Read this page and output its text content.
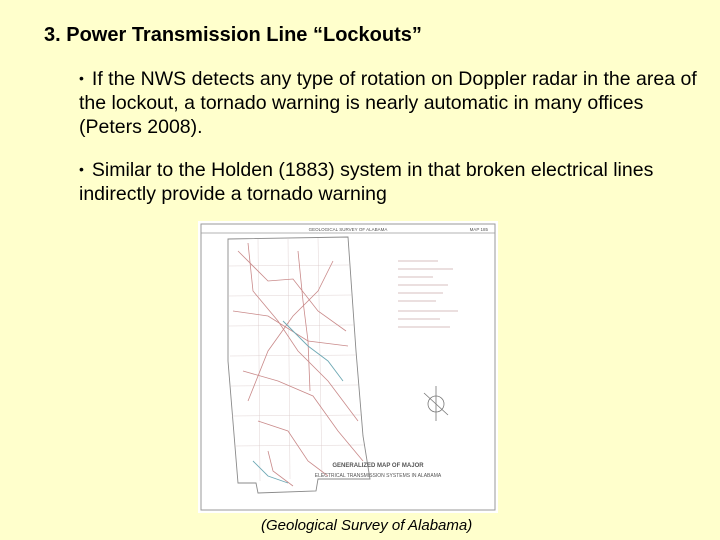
3. Power Transmission Line “Lockouts”
• If the NWS detects any type of rotation on Doppler radar in the area of the lockout, a tornado warning is nearly automatic in many offices (Peters 2008).
• Similar to the Holden (1883) system in that broken electrical lines indirectly provide a tornado warning
GEOLOGICAL SURVEY OF ALABAMA	MAP 185
GENERALIZED MAP OF MAJOR
ELECTRICAL TRANSMISSION SYSTEMS IN ALABAMA
(Geological Survey of Alabama)
